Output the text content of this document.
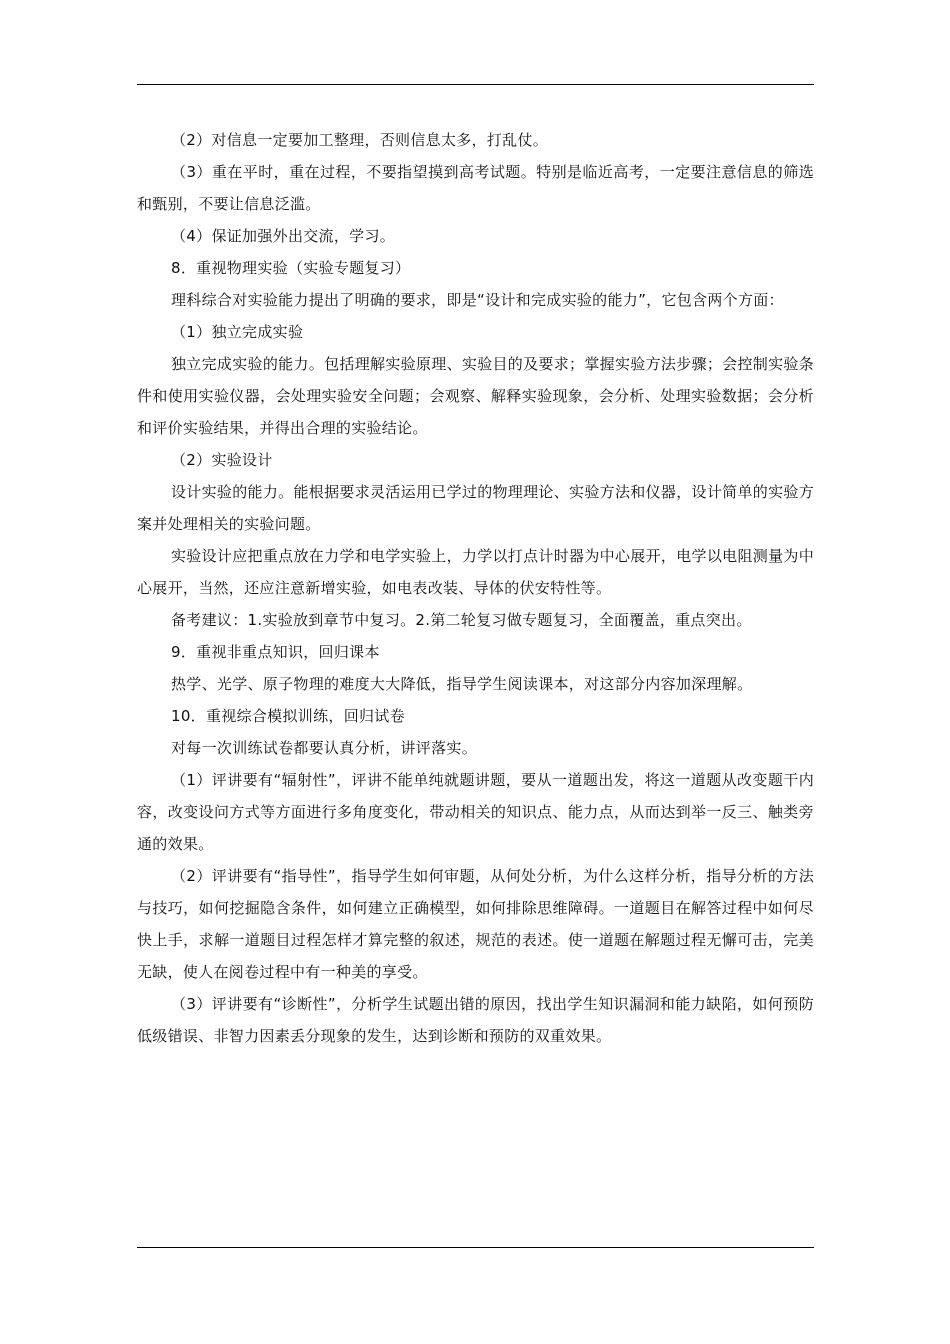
（2）对信息一定要加工整理，否则信息太多，打乱仗。

（3）重在平时，重在过程，不要指望摸到高考试题。特别是临近高考，一定要注意信息的筛选和甄别，不要让信息泛滥。

（4）保证加强外出交流，学习。

8．重视物理实验（实验专题复习）

理科综合对实验能力提出了明确的要求，即是“设计和完成实验的能力”，它包含两个方面：

（1）独立完成实验

独立完成实验的能力。包括理解实验原理、实验目的及要求；掌握实验方法步骤；会控制实验条件和使用实验仪器，会处理实验安全问题；会观察、解释实验现象，会分析、处理实验数据；会分析和评价实验结果，并得出合理的实验结论。

（2）实验设计

设计实验的能力。能根据要求灵活运用已学过的物理理论、实验方法和仪器，设计简单的实验方案并处理相关的实验问题。

实验设计应把重点放在力学和电学实验上，力学以打点计时器为中心展开，电学以电阻测量为中心展开，当然，还应注意新增实验，如电表改装、导体的伏安特性等。

备考建议：1.实验放到章节中复习。2.第二轮复习做专题复习，全面覆盖，重点突出。

9．重视非重点知识，回归课本

热学、光学、原子物理的难度大大降低，指导学生阅读课本，对这部分内容加深理解。

10．重视综合模拟训练，回归试卷

对每一次训练试卷都要认真分析，讲评落实。

（1）评讲要有“辐射性”，评讲不能单纯就题讲题，要从一道题出发，将这一道题从改变题干内容，改变设问方式等方面进行多角度变化，带动相关的知识点、能力点，从而达到举一反三、触类旁通的效果。

（2）评讲要有“指导性”，指导学生如何审题，从何处分析，为什么这样分析，指导分析的方法与技巧，如何挖掘隐含条件，如何建立正确模型，如何排除思维障碍。一道题目在解答过程中如何尽快上手，求解一道题目过程怎样才算完整的叙述，规范的表述。使一道题在解题过程无懈可击，完美无缺，使人在阅卷过程中有一种美的享受。

（3）评讲要有“诊断性”，分析学生试题出错的原因，找出学生知识漏洞和能力缺陷，如何预防低级错误、非智力因素丢分现象的发生，达到诊断和预防的双重效果。
